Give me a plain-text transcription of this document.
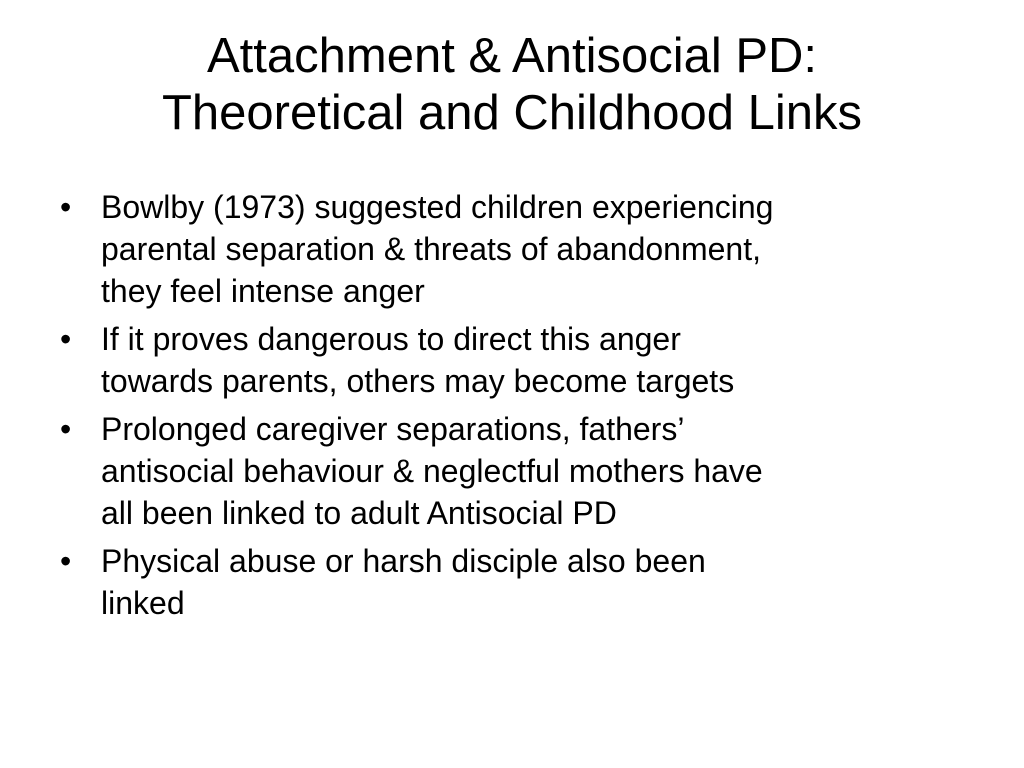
Attachment & Antisocial PD:
Theoretical and Childhood Links
• Bowlby (1973) suggested children experiencing
parental separation & threats of abandonment,
they feel intense anger
• If it proves dangerous to direct this anger
towards parents, others may become targets
• Prolonged caregiver separations, fathers’
antisocial behaviour & neglectful mothers have
all been linked to adult Antisocial PD
• Physical abuse or harsh disciple also been
linked
